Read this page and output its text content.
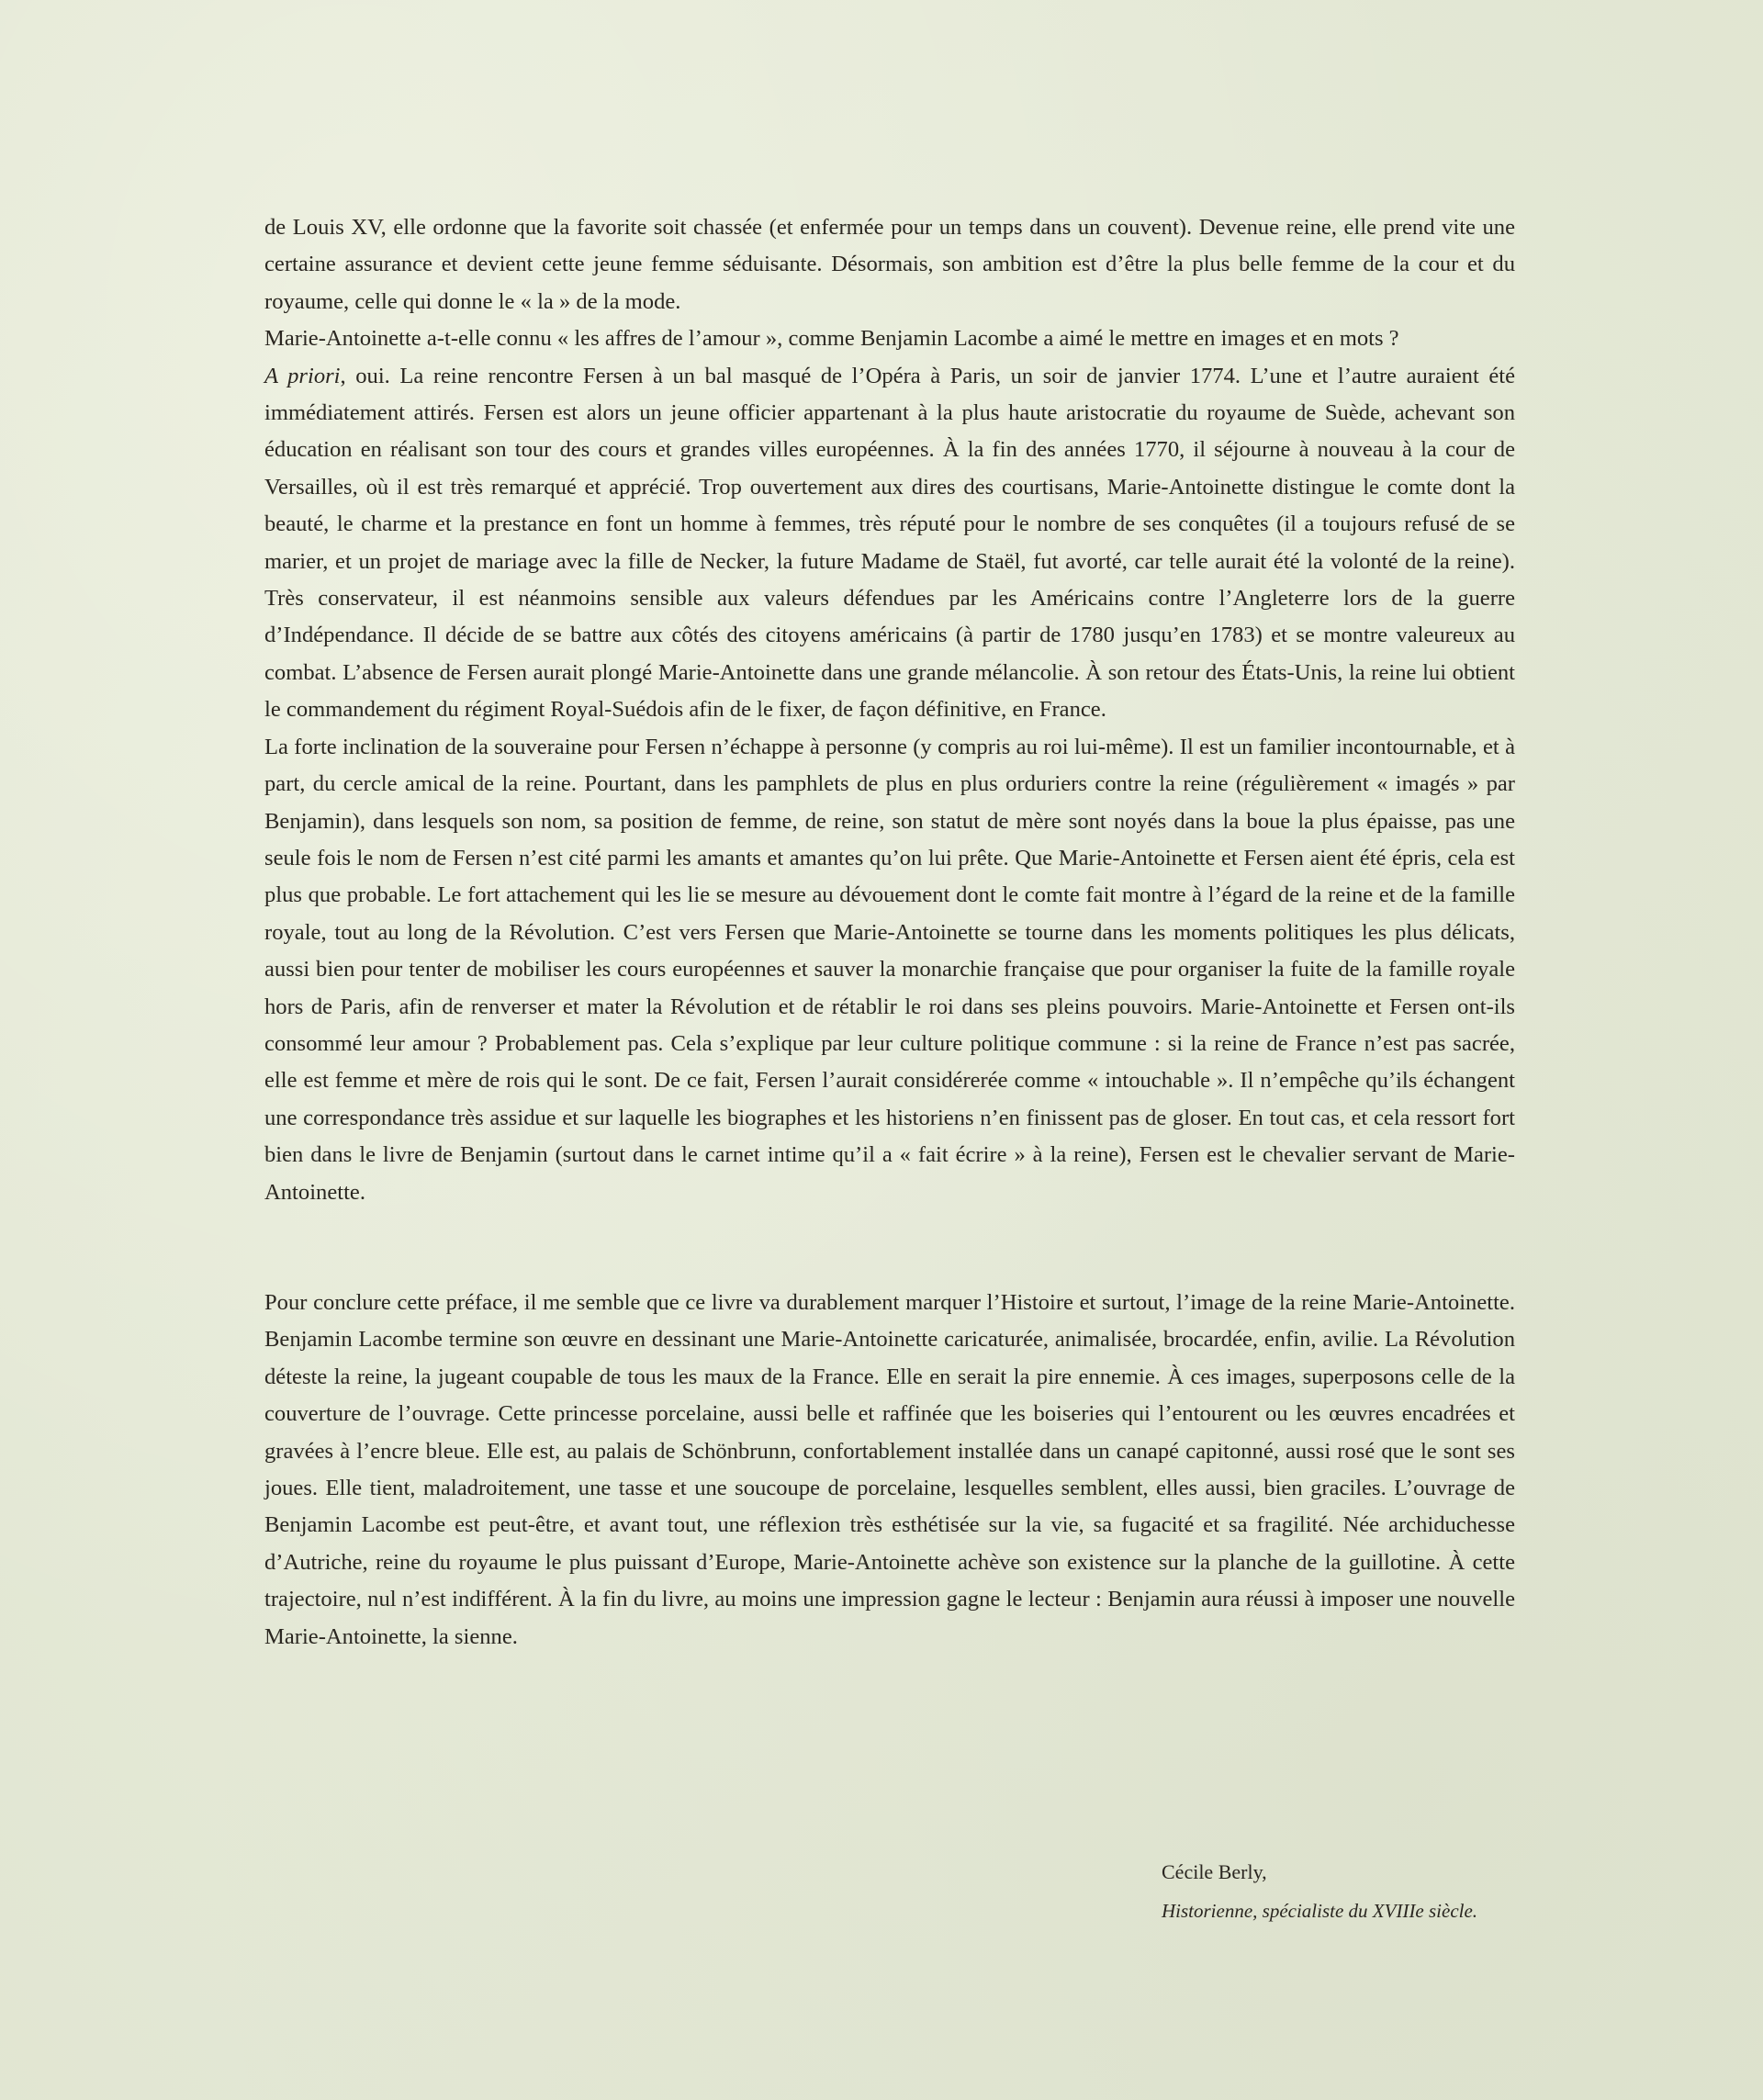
de Louis XV, elle ordonne que la favorite soit chassée (et enfermée pour un temps dans un couvent). Devenue reine, elle prend vite une certaine assurance et devient cette jeune femme séduisante. Désormais, son ambition est d’être la plus belle femme de la cour et du royaume, celle qui donne le « la » de la mode.

Marie-Antoinette a-t-elle connu « les affres de l’amour », comme Benjamin Lacombe a aimé le mettre en images et en mots ?

A priori, oui. La reine rencontre Fersen à un bal masqué de l’Opéra à Paris, un soir de janvier 1774. L’une et l’autre auraient été immédiatement attirés. Fersen est alors un jeune officier appartenant à la plus haute aristocratie du royaume de Suède, achevant son éducation en réalisant son tour des cours et grandes villes européennes. À la fin des années 1770, il séjourne à nouveau à la cour de Versailles, où il est très remarqué et apprécié. Trop ouvertement aux dires des courtisans, Marie-Antoinette distingue le comte dont la beauté, le charme et la prestance en font un homme à femmes, très réputé pour le nombre de ses conquêtes (il a toujours refusé de se marier, et un projet de mariage avec la fille de Necker, la future Madame de Staël, fut avorté, car telle aurait été la volonté de la reine). Très conservateur, il est néanmoins sensible aux valeurs défendues par les Américains contre l’Angleterre lors de la guerre d’Indépendance. Il décide de se battre aux côtés des citoyens américains (à partir de 1780 jusqu’en 1783) et se montre valeureux au combat. L’absence de Fersen aurait plongé Marie-Antoinette dans une grande mélancolie. À son retour des États-Unis, la reine lui obtient le commandement du régiment Royal-Suédois afin de le fixer, de façon définitive, en France.

La forte inclination de la souveraine pour Fersen n’échappe à personne (y compris au roi lui-même). Il est un familier incontournable, et à part, du cercle amical de la reine. Pourtant, dans les pamphlets de plus en plus orduriers contre la reine (régulièrement « imagés » par Benjamin), dans lesquels son nom, sa position de femme, de reine, son statut de mère sont noyés dans la boue la plus épaisse, pas une seule fois le nom de Fersen n’est cité parmi les amants et amantes qu’on lui prête. Que Marie-Antoinette et Fersen aient été épris, cela est plus que probable. Le fort attachement qui les lie se mesure au dévouement dont le comte fait montre à l’égard de la reine et de la famille royale, tout au long de la Révolution. C’est vers Fersen que Marie-Antoinette se tourne dans les moments politiques les plus délicats, aussi bien pour tenter de mobiliser les cours européennes et sauver la monarchie française que pour organiser la fuite de la famille royale hors de Paris, afin de renverser et mater la Révolution et de rétablir le roi dans ses pleins pouvoirs. Marie-Antoinette et Fersen ont-ils consommé leur amour ? Probablement pas. Cela s’explique par leur culture politique commune : si la reine de France n’est pas sacrée, elle est femme et mère de rois qui le sont. De ce fait, Fersen l’aurait considérerée comme « intouchable ». Il n’empêche qu’ils échangent une correspondance très assidue et sur laquelle les biographes et les historiens n’en finissent pas de gloser. En tout cas, et cela ressort fort bien dans le livre de Benjamin (surtout dans le carnet intime qu’il a « fait écrire » à la reine), Fersen est le chevalier servant de Marie-Antoinette.

Pour conclure cette préface, il me semble que ce livre va durablement marquer l’Histoire et surtout, l’image de la reine Marie-Antoinette. Benjamin Lacombe termine son œuvre en dessinant une Marie-Antoinette caricaturée, animalisée, brocardée, enfin, avilie. La Révolution déteste la reine, la jugeant coupable de tous les maux de la France. Elle en serait la pire ennemie. À ces images, superposons celle de la couverture de l’ouvrage. Cette princesse porcelaine, aussi belle et raffinée que les boiseries qui l’entourent ou les œuvres encadrées et gravées à l’encre bleue. Elle est, au palais de Schönbrunn, confortablement installée dans un canapé capitonné, aussi rosé que le sont ses joues. Elle tient, maladroitement, une tasse et une soucoupe de porcelaine, lesquelles semblent, elles aussi, bien graciles. L’ouvrage de Benjamin Lacombe est peut-être, et avant tout, une réflexion très esthétisée sur la vie, sa fugacité et sa fragilité. Née archiduchesse d’Autriche, reine du royaume le plus puissant d’Europe, Marie-Antoinette achève son existence sur la planche de la guillotine. À cette trajectoire, nul n’est indifférent. À la fin du livre, au moins une impression gagne le lecteur : Benjamin aura réussi à imposer une nouvelle Marie-Antoinette, la sienne.

Cécile Berly,
Historienne, spécialiste du XVIIIe siècle.
